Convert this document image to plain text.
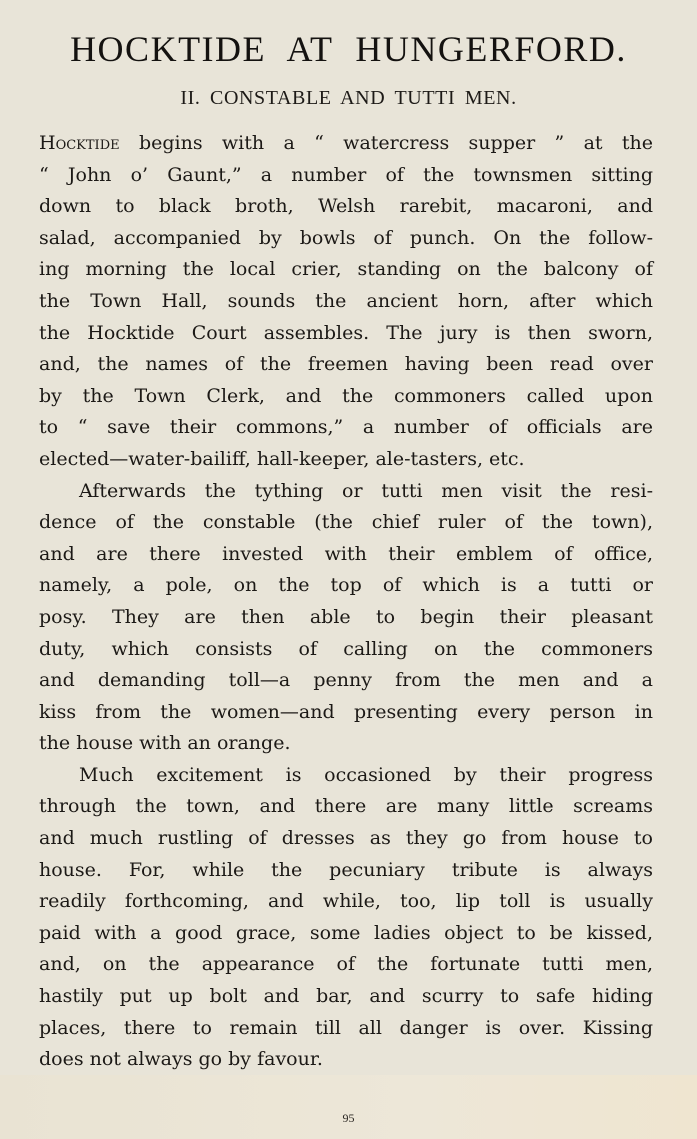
HOCKTIDE AT HUNGERFORD.
II. CONSTABLE AND TUTTI MEN.
Hocktide begins with a “ watercress supper ” at the
“ John o’ Gaunt,” a number of the townsmen sitting
down to black broth, Welsh rarebit, macaroni, and
salad, accompanied by bowls of punch. On the follow-
ing morning the local crier, standing on the balcony of
the Town Hall, sounds the ancient horn, after which
the Hocktide Court assembles. The jury is then sworn,
and, the names of the freemen having been read over
by the Town Clerk, and the commoners called upon
to “ save their commons,” a number of officials are
elected—water-bailiff, hall-keeper, ale-tasters, etc.
Afterwards the tything or tutti men visit the resi-
dence of the constable (the chief ruler of the town),
and are there invested with their emblem of office,
namely, a pole, on the top of which is a tutti or
posy. They are then able to begin their pleasant
duty, which consists of calling on the commoners
and demanding toll—a penny from the men and a
kiss from the women—and presenting every person in
the house with an orange.
Much excitement is occasioned by their progress
through the town, and there are many little screams
and much rustling of dresses as they go from house to
house. For, while the pecuniary tribute is always
readily forthcoming, and while, too, lip toll is usually
paid with a good grace, some ladies object to be kissed,
and, on the appearance of the fortunate tutti men,
hastily put up bolt and bar, and scurry to safe hiding
places, there to remain till all danger is over. Kissing
does not always go by favour.
95
